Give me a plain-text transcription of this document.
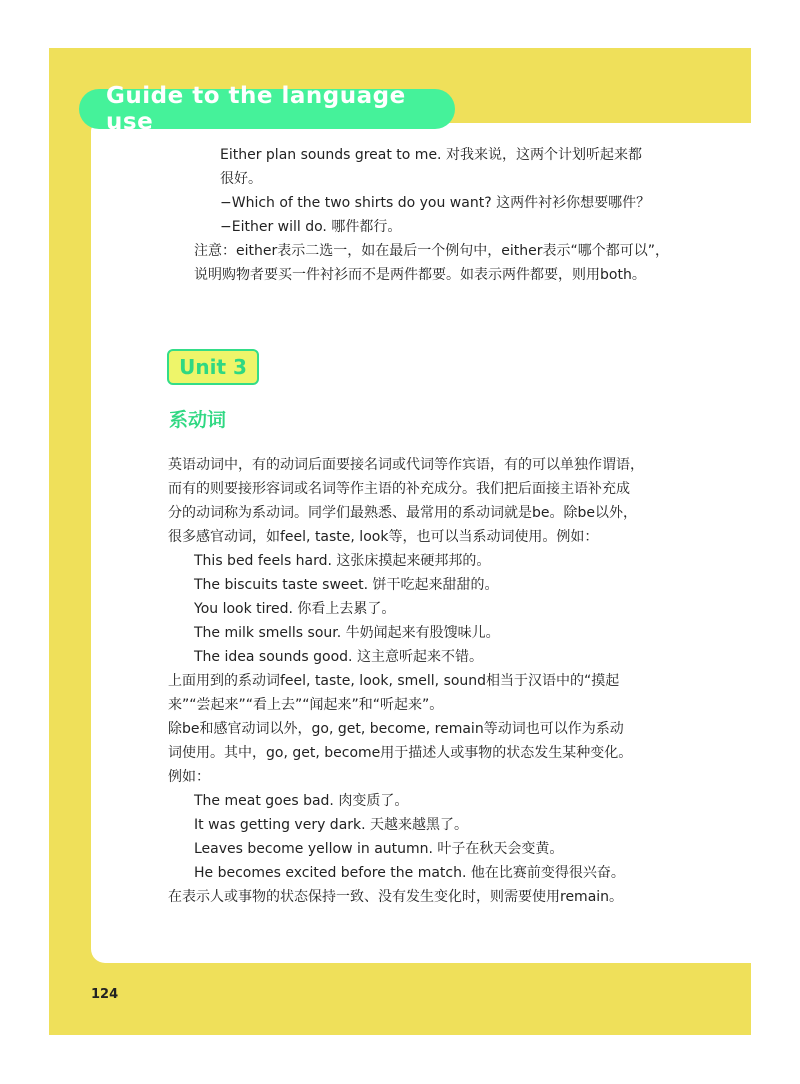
Guide to the language use

Either plan sounds great to me. 对我来说，这两个计划听起来都

很好。

−Which of the two shirts do you want? 这两件衬衫你想要哪件？

−Either will do. 哪件都行。

注意：either表示二选一，如在最后一个例句中，either表示“哪个都可以”，

说明购物者要买一件衬衫而不是两件都要。如表示两件都要，则用both。

Unit 3
系动词

英语动词中，有的动词后面要接名词或代词等作宾语，有的可以单独作谓语，

而有的则要接形容词或名词等作主语的补充成分。我们把后面接主语补充成

分的动词称为系动词。同学们最熟悉、最常用的系动词就是be。除be以外，

很多感官动词，如feel, taste, look等，也可以当系动词使用。例如：

This bed feels hard. 这张床摸起来硬邦邦的。

The biscuits taste sweet. 饼干吃起来甜甜的。

You look tired. 你看上去累了。

The milk smells sour. 牛奶闻起来有股馊味儿。

The idea sounds good. 这主意听起来不错。

上面用到的系动词feel, taste, look, smell, sound相当于汉语中的“摸起

来”“尝起来”“看上去”“闻起来”和“听起来”。

除be和感官动词以外，go, get, become, remain等动词也可以作为系动

词使用。其中，go, get, become用于描述人或事物的状态发生某种变化。

例如：

The meat goes bad. 肉变质了。

It was getting very dark. 天越来越黑了。

Leaves become yellow in autumn. 叶子在秋天会变黄。

He becomes excited before the match. 他在比赛前变得很兴奋。

在表示人或事物的状态保持一致、没有发生变化时，则需要使用remain。

124
